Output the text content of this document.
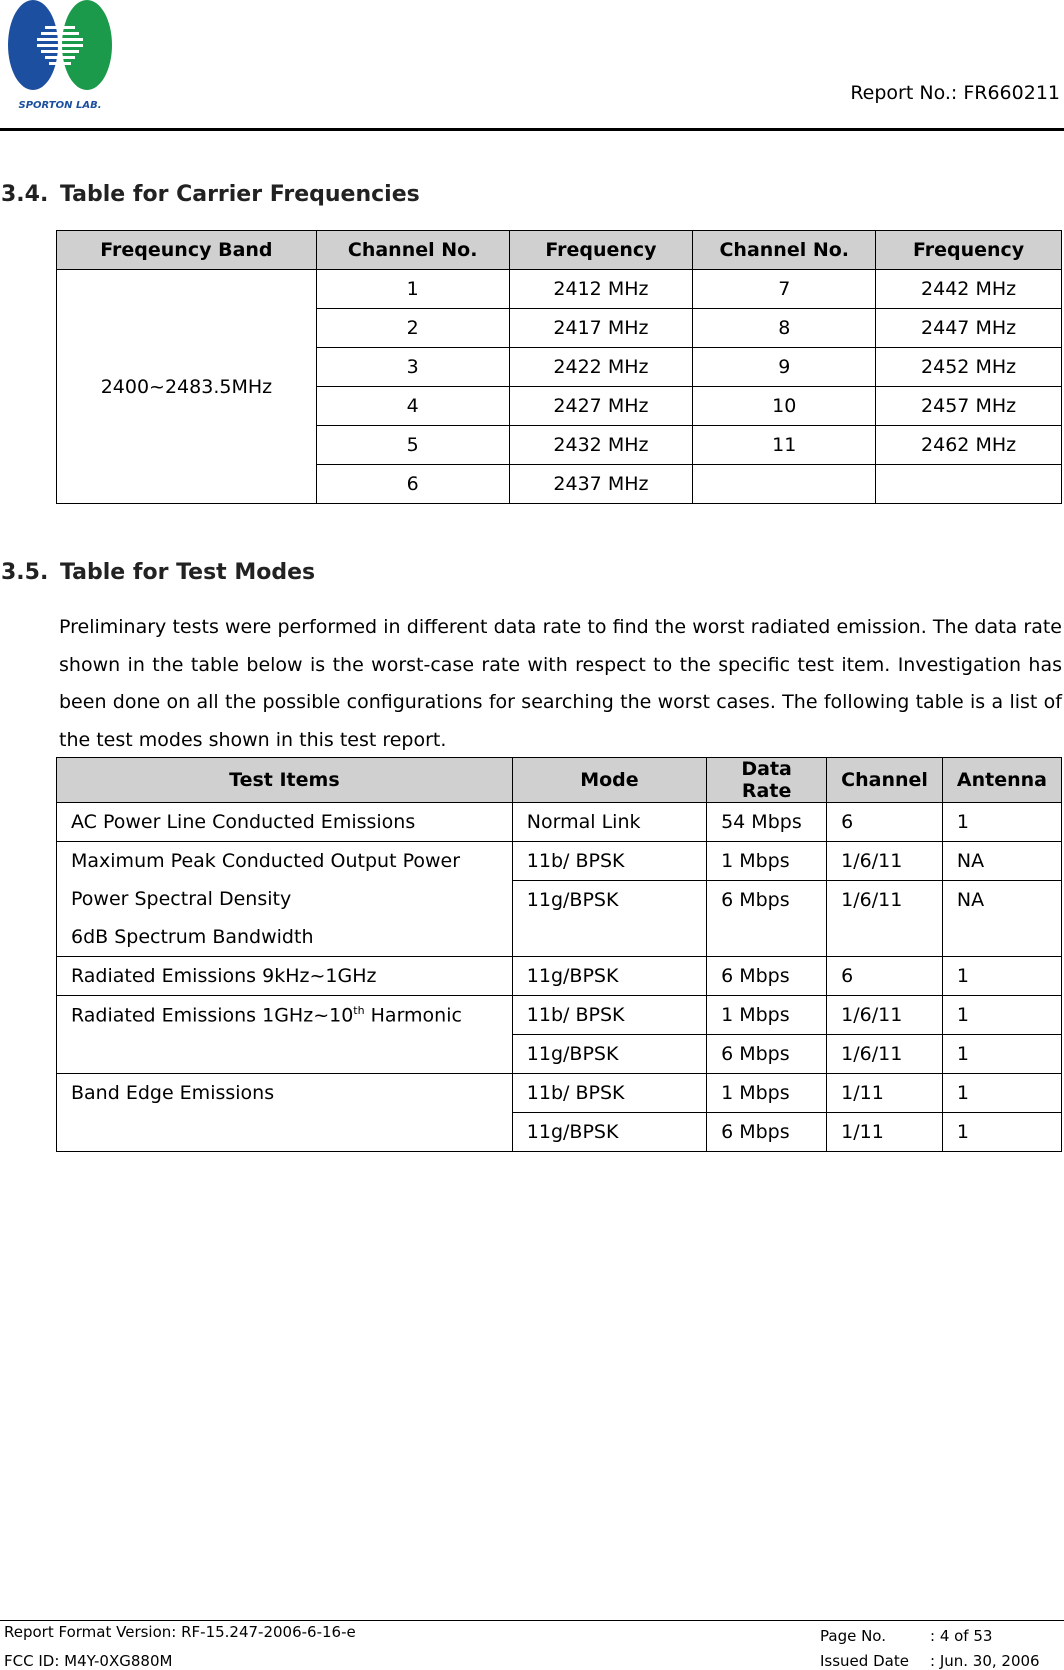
SPORTON LAB.
Report No.: FR660211
3.4. Table for Carrier Frequencies
Freqeuncy Band	Channel No.	Frequency	Channel No.	Frequency
2400~2483.5MHz	1	2412 MHz	7	2442 MHz
	2	2417 MHz	8	2447 MHz
	3	2422 MHz	9	2452 MHz
	4	2427 MHz	10	2457 MHz
	5	2432 MHz	11	2462 MHz
	6	2437 MHz		
3.5. Table for Test Modes
Preliminary tests were performed in different data rate to find the worst radiated emission. The data rate shown in the table below is the worst-case rate with respect to the specific test item. Investigation has been done on all the possible configurations for searching the worst cases. The following table is a list of the test modes shown in this test report.
Test Items	Mode	Data Rate	Channel	Antenna
AC Power Line Conducted Emissions	Normal Link	54 Mbps	6	1

Maximum Peak Conducted Output Power
Power Spectral Density
6dB Spectrum Bandwidth	11b/ BPSK	1 Mbps	1/6/11	NA
	11g/BPSK	6 Mbps	1/6/11	NA
Radiated Emissions 9kHz~1GHz	11g/BPSK	6 Mbps	6	1
Radiated Emissions 1GHz~10th Harmonic	11b/ BPSK	1 Mbps	1/6/11	1
	11g/BPSK	6 Mbps	1/6/11	1
Band Edge Emissions	11b/ BPSK	1 Mbps	1/11	1
	11g/BPSK	6 Mbps	1/11	1
Report Format Version: RF-15.247-2006-6-16-e
FCC ID: M4Y-0XG880M
Page No.	: 4 of 53
Issued Date : Jun. 30, 2006
